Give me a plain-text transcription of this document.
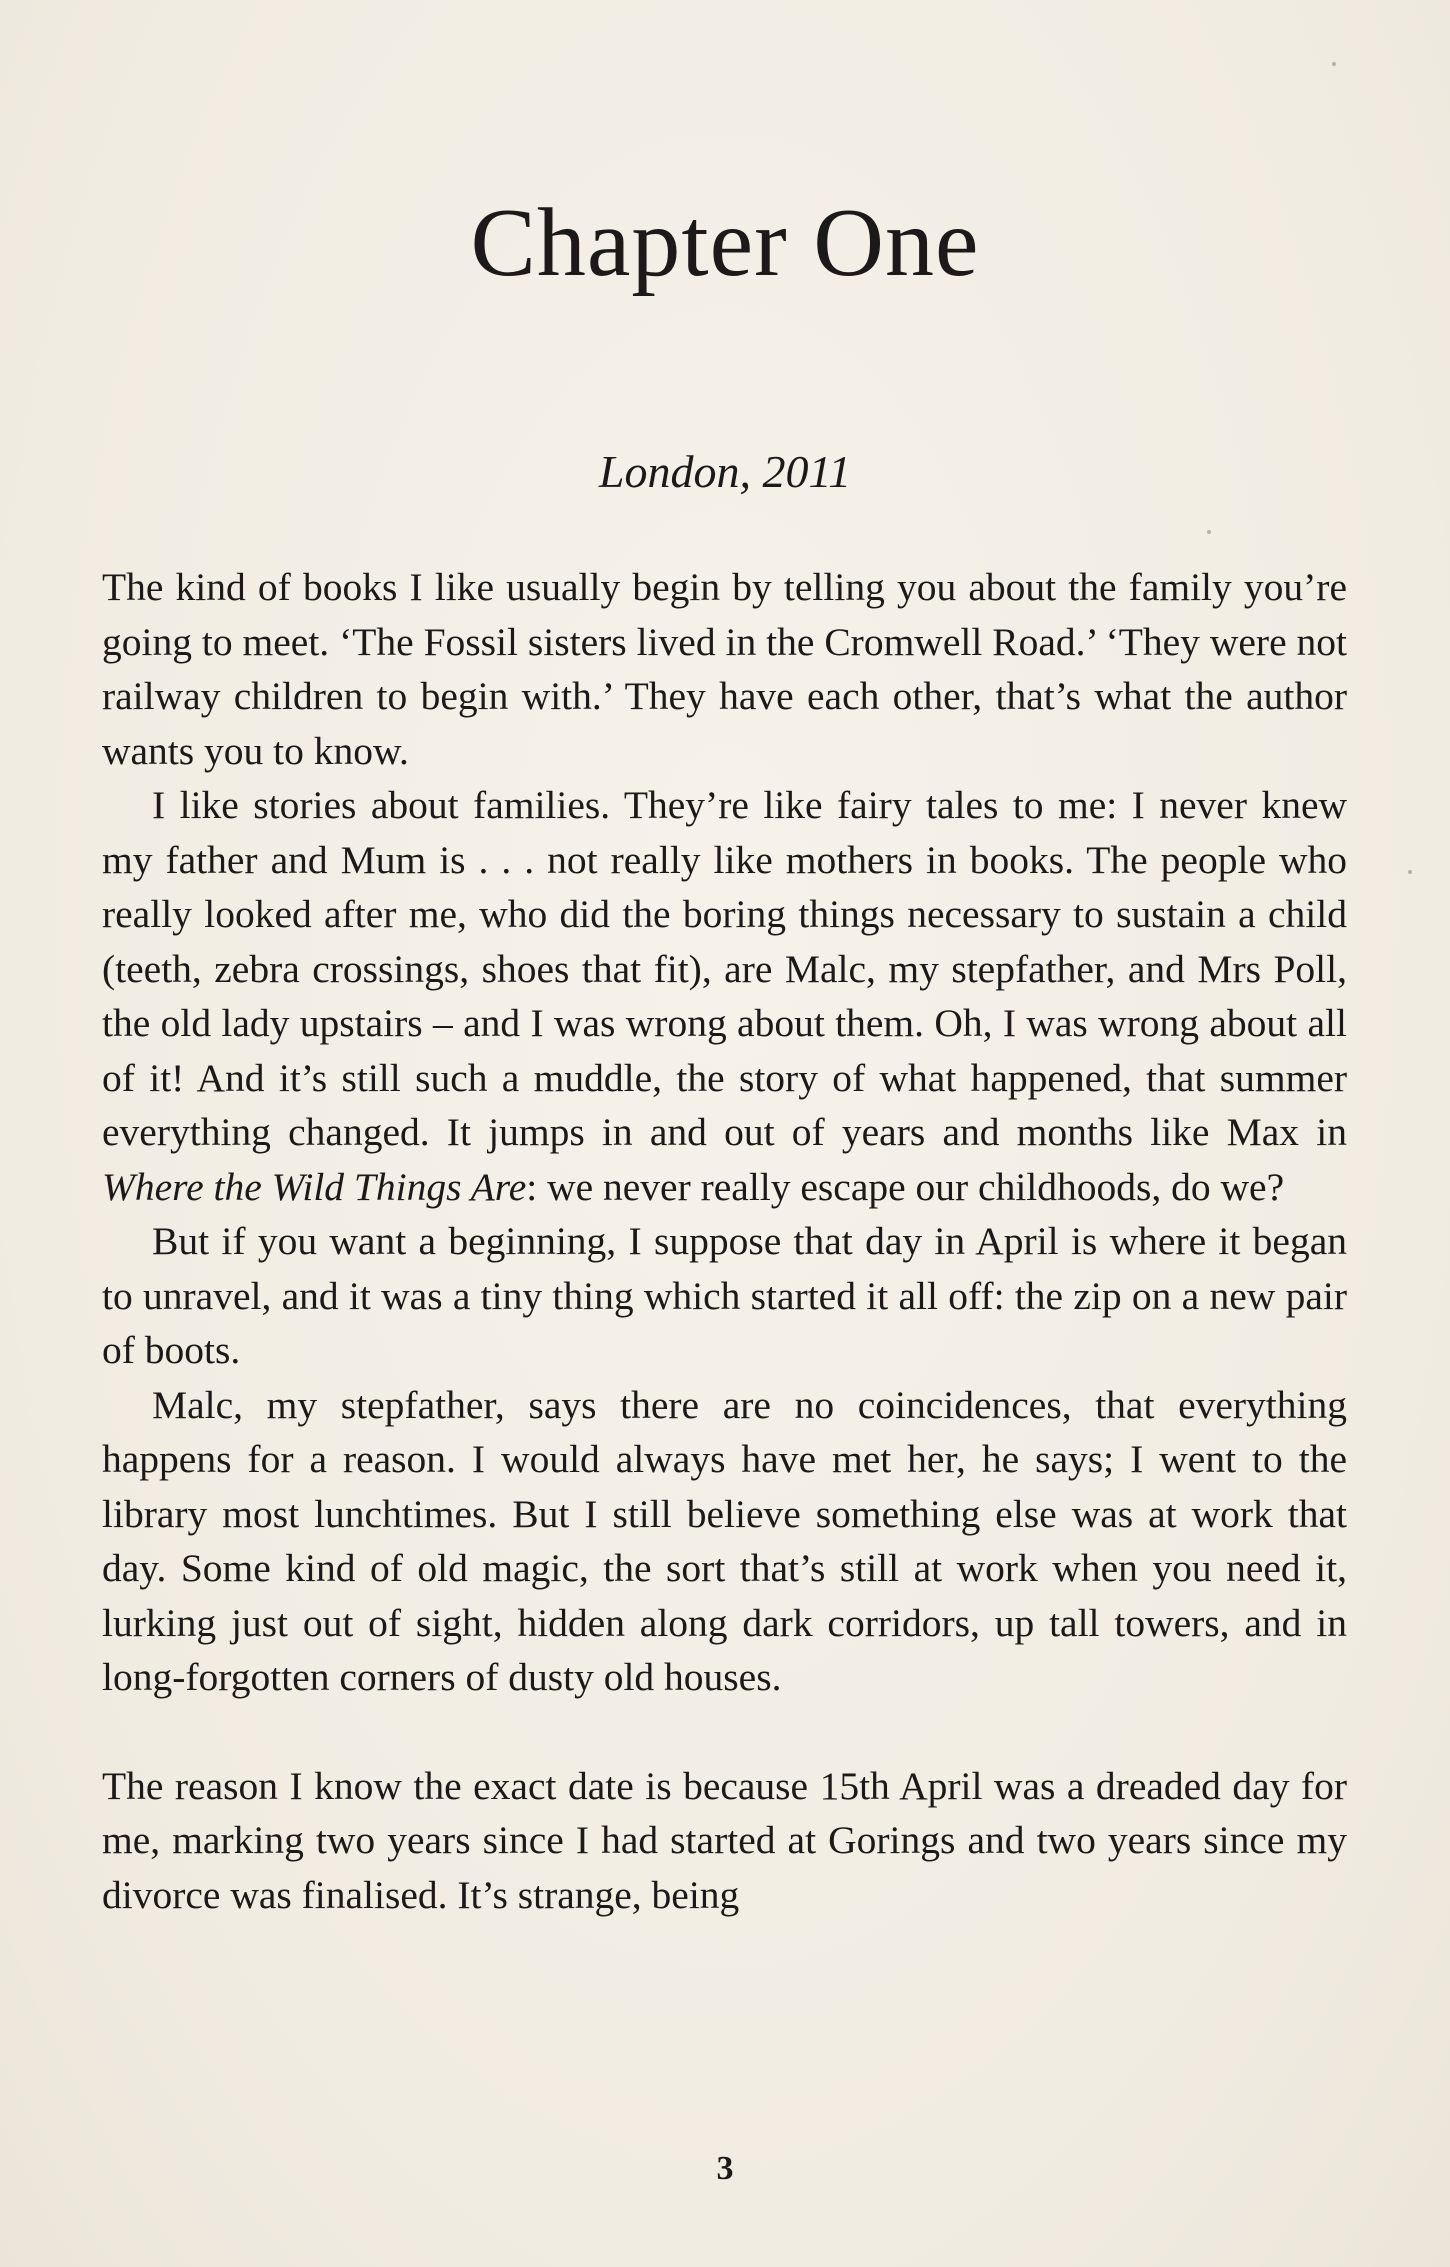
Chapter One
London, 2011

The kind of books I like usually begin by telling you about the family you’re going to meet. ‘The Fossil sisters lived in the Cromwell Road.’ ‘They were not railway children to begin with.’ They have each other, that’s what the author wants you to know.

I like stories about families. They’re like fairy tales to me: I never knew my father and Mum is . . . not really like mothers in books. The people who really looked after me, who did the boring things necessary to sustain a child (teeth, zebra crossings, shoes that fit), are Malc, my stepfather, and Mrs Poll, the old lady upstairs – and I was wrong about them. Oh, I was wrong about all of it! And it’s still such a muddle, the story of what happened, that summer everything changed. It jumps in and out of years and months like Max in Where the Wild Things Are: we never really escape our childhoods, do we?

But if you want a beginning, I suppose that day in April is where it began to unravel, and it was a tiny thing which started it all off: the zip on a new pair of boots.

Malc, my stepfather, says there are no coincidences, that everything happens for a reason. I would always have met her, he says; I went to the library most lunchtimes. But I still believe something else was at work that day. Some kind of old magic, the sort that’s still at work when you need it, lurking just out of sight, hidden along dark corridors, up tall towers, and in long-forgotten corners of dusty old houses.

The reason I know the exact date is because 15th April was a dreaded day for me, marking two years since I had started at Gorings and two years since my divorce was finalised. It’s strange, being

3
